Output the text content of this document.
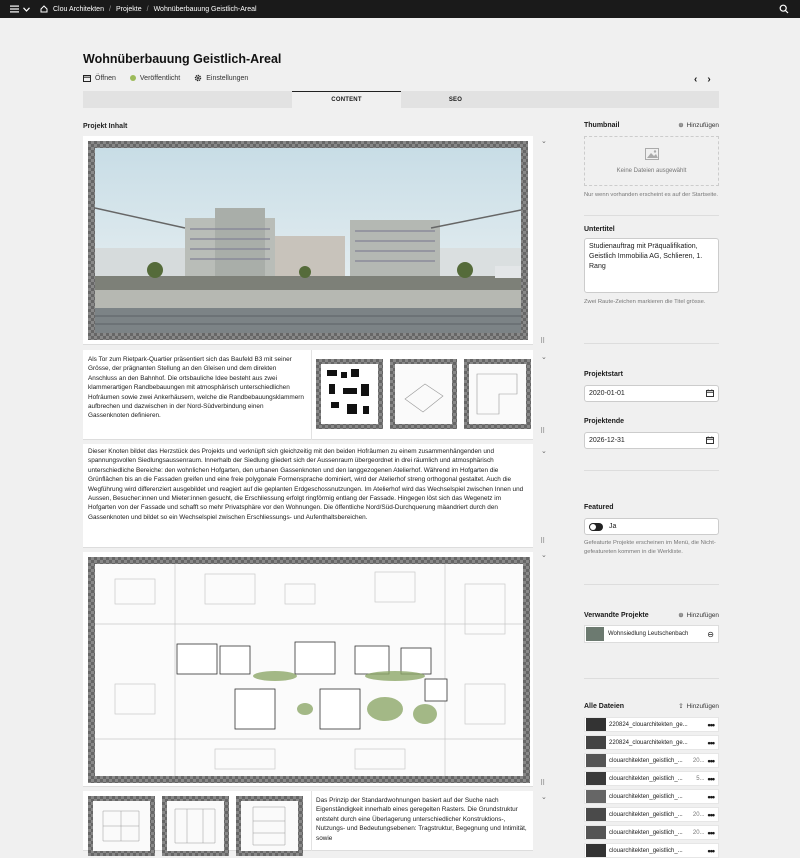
Clou Architekten / Projekte / Wohnüberbauung Geistlich-Areal
Wohnüberbauung Geistlich-Areal
Öffnen	Veröffentlicht	Einstellungen	‹ ›
CONTENT	SEO
Projekt Inhalt

Als Tor zum Rietpark-Quartier präsentiert sich das Baufeld B3 mit seiner Grösse, der prägnanten Stellung an den Gleisen und dem direkten Anschluss an den Bahnhof. Die ortsbauliche Idee besteht aus zwei klammerartigen Randbebauungen mit atmosphärisch unterschiedlichen Hofräumen sowie zwei Ankerhäusern, welche die Randbebauungsklammern aufbrechen und dazwischen in der Nord-Südverbindung einen Gassenknoten definieren.

Dieser Knoten bildet das Herzstück des Projekts und verknüpft sich gleichzeitig mit den beiden Hofräumen zu einem zusammenhängenden und spannungsvollen Siedlungsaussenraum. Innerhalb der Siedlung gliedert sich der Aussenraum übergeordnet in drei räumlich und atmosphärisch unterschiedliche Bereiche: den wohnlichen Hofgarten, den urbanen Gassenknoten und den langgezogenen Atelierhof. Während im Hofgarten die Grünflächen bis an die Fassaden greifen und eine freie polygonale Formensprache dominiert, wird der Atelierhof streng orthogonal gestaltet. Auch die Wegführung wird differenziert ausgebildet und reagiert auf die geplanten Erdgeschossnutzungen. Im Atelierhof wird das Wechselspiel zwischen Innen und Aussen, Besucher:innen und Mieter:innen gesucht, die Erschliessung erfolgt ringförmig entlang der Fassade. Hingegen löst sich das Wegenetz im Hofgarten von der Fassade und schafft so mehr Privatsphäre vor den Wohnungen. Die öffentliche Nord/Süd-Durchquerung mäandriert durch den Gassenknoten und bildet so ein Wechselspiel zwischen Erschliessungs- und Aufenthaltsbereichen.

Das Prinzip der Standardwohnungen basiert auf der Suche nach Eigenständigkeit innerhalb eines geregelten Rasters. Die Grundstruktur entsteht durch eine Überlagerung unterschiedlicher Konstruktions-, Nutzungs- und Bedeutungsebenen: Tragstruktur, Begegnung und Intimität, sowie

⌄
⠿
⌄
⠿
⌄
⠿
⌄
⠿
⌄
Thumbnail	⊕ Hinzufügen
Keine Dateien ausgewählt
Nur wenn vorhanden erscheint es auf der Startseite.
Untertitel
Studienauftrag mit Präqualifikation, Geistlich Immobilia AG, Schlieren, 1. Rang
Zwei Raute-Zeichen markieren die Titel grösse.
Projektstart
2020-01-01
Projektende
2026-12-31
Featured
Ja
Gefeaturte Projekte erscheinen im Menü, die Nicht-gefeatureten kommen in die Werkliste.
Verwandte Projekte	⊕ Hinzufügen
Wohnsiedlung Leutschenbach	⊖
Alle Dateien	⇪ Hinzufügen
220824_clouarchitekten_ge...	•••
220824_clouarchitekten_ge...	•••
clouarchitekten_geistlich_...	20... •••
clouarchitekten_geistlich_...	5... •••
clouarchitekten_geistlich_...	•••
clouarchitekten_geistlich_...	20... •••
clouarchitekten_geistlich_...	20... •••
clouarchitekten_geistlich_...	•••
